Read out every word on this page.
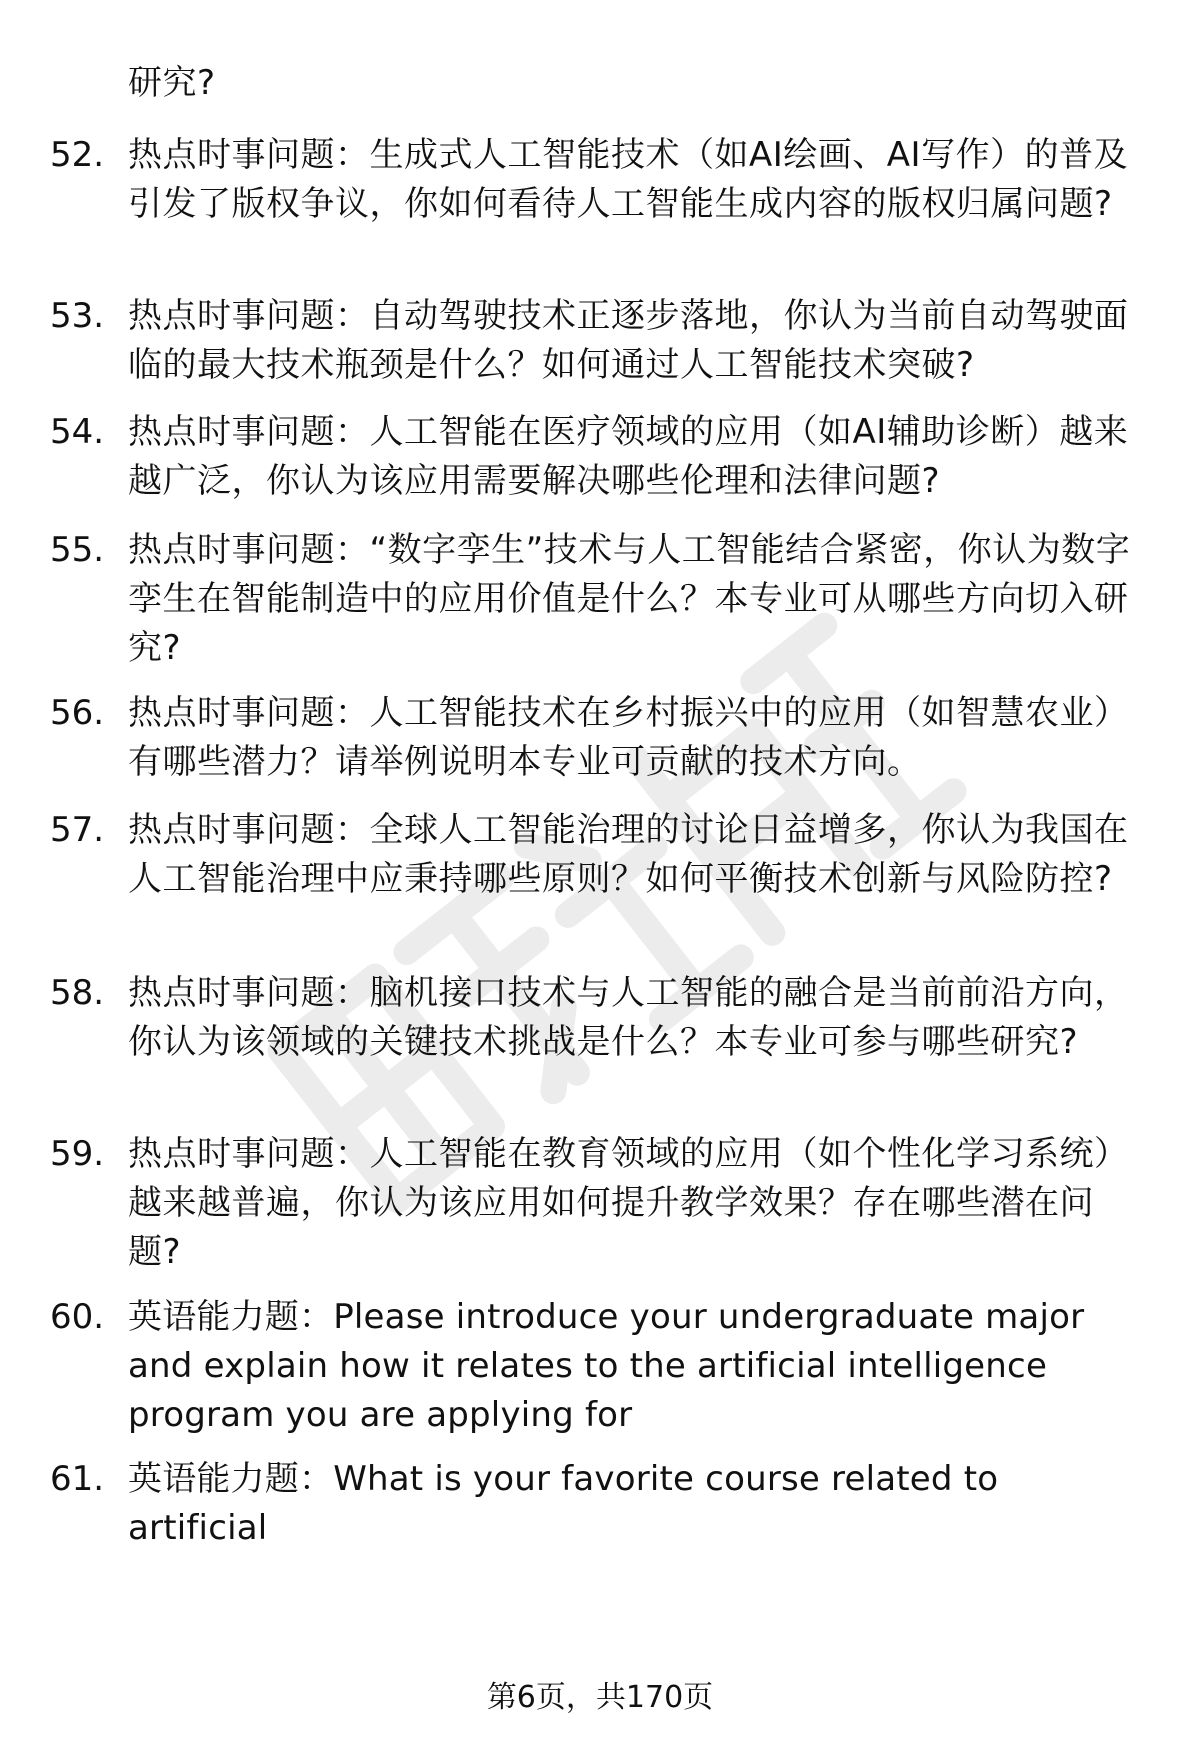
研究?
52. 热点时事问题：生成式人工智能技术（如AI绘画、AI写作）的普及引发了版权争议，你如何看待人工智能生成内容的版权归属问题?
53. 热点时事问题：自动驾驶技术正逐步落地，你认为当前自动驾驶面临的最大技术瓶颈是什么？如何通过人工智能技术突破?
54. 热点时事问题：人工智能在医疗领域的应用（如AI辅助诊断）越来越广泛，你认为该应用需要解决哪些伦理和法律问题?
55. 热点时事问题：“数字孪生”技术与人工智能结合紧密，你认为数字孪生在智能制造中的应用价值是什么？本专业可从哪些方向切入研究?
56. 热点时事问题：人工智能技术在乡村振兴中的应用（如智慧农业）有哪些潜力？请举例说明本专业可贡献的技术方向。
57. 热点时事问题：全球人工智能治理的讨论日益增多，你认为我国在人工智能治理中应秉持哪些原则？如何平衡技术创新与风险防控?
58. 热点时事问题：脑机接口技术与人工智能的融合是当前前沿方向，你认为该领域的关键技术挑战是什么？本专业可参与哪些研究?
59. 热点时事问题：人工智能在教育领域的应用（如个性化学习系统）越来越普遍，你认为该应用如何提升教学效果？存在哪些潜在问题?
60. 英语能力题：Please introduce your undergraduate major and explain how it relates to the artificial intelligence program you are applying for
61. 英语能力题：What is your favorite course related to artificial
第6页，共170页
